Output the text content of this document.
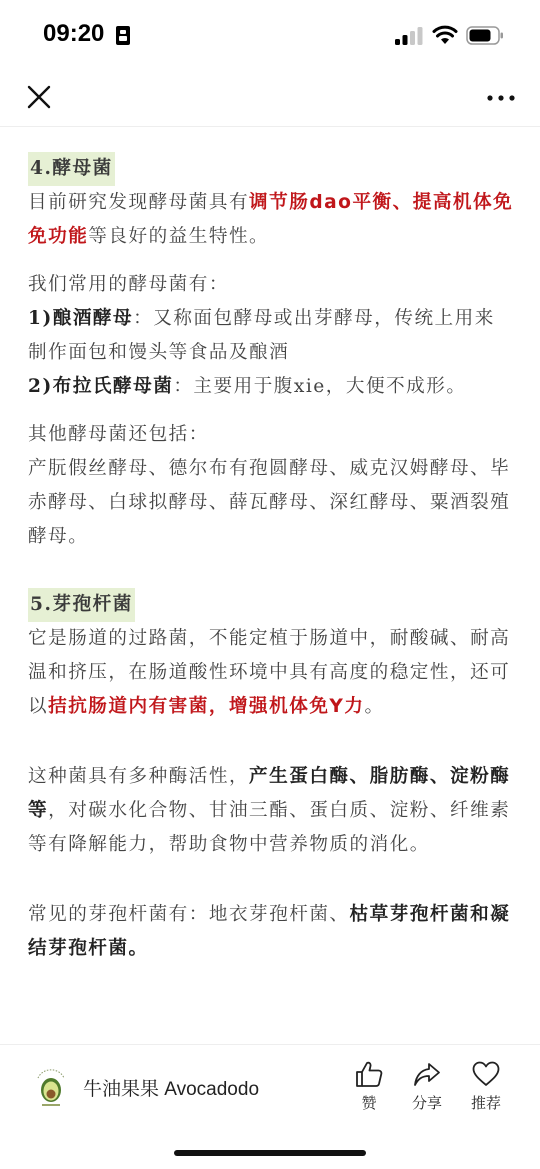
09:20
4.酵母菌

目前研究发现酵母菌具有调节肠dao平衡、提高机体免免功能等良好的益生特性。

我们常用的酵母菌有：

1)酿酒酵母：又称面包酵母或出芽酵母，传统上用来制作面包和馒头等食品及酿酒

2)布拉氏酵母菌：主要用于腹xie，大便不成形。

其他酵母菌还包括：

产朊假丝酵母、德尔布有孢圆酵母、威克汉姆酵母、毕赤酵母、白球拟酵母、薛瓦酵母、深红酵母、粟酒裂殖酵母。

5.芽孢杆菌

它是肠道的过路菌，不能定植于肠道中，耐酸碱、耐高温和挤压，在肠道酸性环境中具有高度的稳定性，还可以拮抗肠道内有害菌，增强机体免Y力。

这种菌具有多种酶活性，产生蛋白酶、脂肪酶、淀粉酶等，对碳水化合物、甘油三酯、蛋白质、淀粉、纤维素等有降解能力，帮助食物中营养物质的消化。

常见的芽孢杆菌有：地衣芽孢杆菌、枯草芽孢杆菌和凝结芽孢杆菌。

牛油果果 Avocadodo
赞	分享	推荐
